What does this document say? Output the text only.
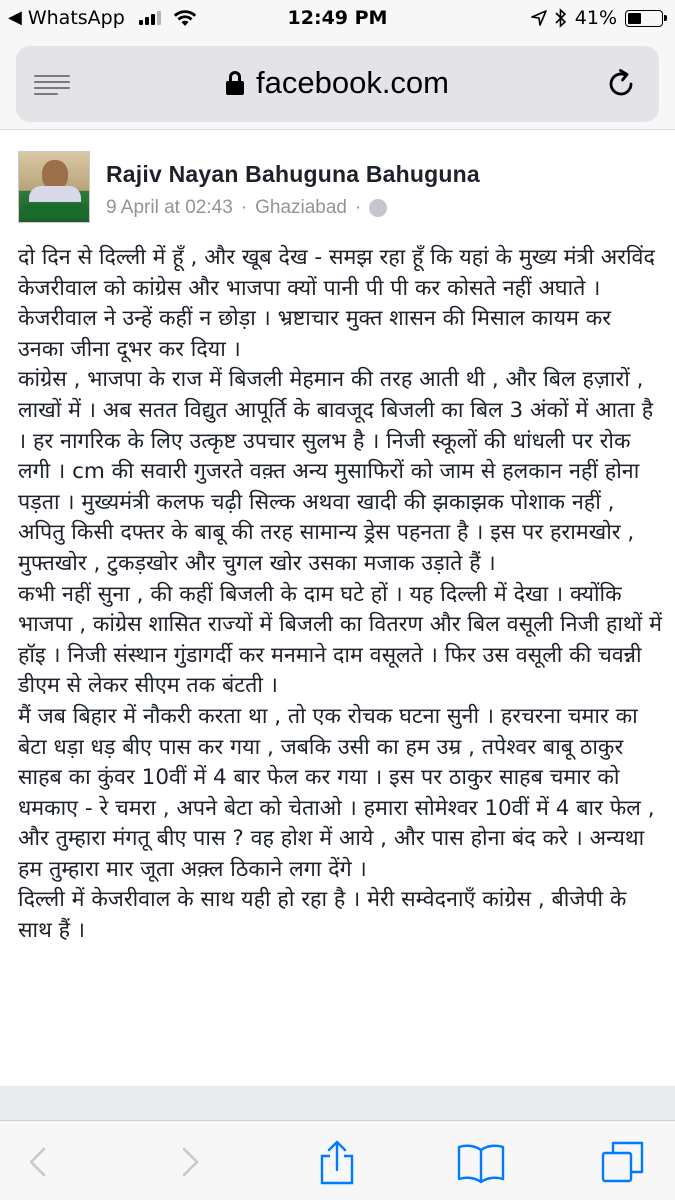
◀ WhatsApp	12:49 PM	41%
facebook.com
Rajiv Nayan Bahuguna Bahuguna
9 April at 02:43 · Ghaziabad ·

दो दिन से दिल्ली में हूँ , और खूब देख - समझ रहा हूँ कि यहां के मुख्य मंत्री अरविंद केजरीवाल को कांग्रेस और भाजपा क्यों पानी पी पी कर कोसते नहीं अघाते ।

केजरीवाल ने उन्हें कहीं न छोड़ा । भ्रष्टाचार मुक्त शासन की मिसाल कायम कर उनका जीना दूभर कर दिया ।

कांग्रेस , भाजपा के राज में बिजली मेहमान की तरह आती थी , और बिल हज़ारों , लाखों में । अब सतत विद्युत आपूर्ति के बावजूद बिजली का बिल 3 अंकों में आता है । हर नागरिक के लिए उत्कृष्ट उपचार सुलभ है । निजी स्कूलों की धांधली पर रोक लगी । cm की सवारी गुजरते वक़्त अन्य मुसाफिरों को जाम से हलकान नहीं होना पड़ता । मुख्यमंत्री कलफ चढ़ी सिल्क अथवा खादी की झकाझक पोशाक नहीं , अपितु किसी दफ्तर के बाबू की तरह सामान्य ड्रेस पहनता है । इस पर हरामखोर , मुफ्तखोर , टुकड़खोर और चुगल खोर उसका मजाक उड़ाते हैं ।

कभी नहीं सुना , की कहीं बिजली के दाम घटे हों । यह दिल्ली में देखा । क्योंकि भाजपा , कांग्रेस शासित राज्यों में बिजली का वितरण और बिल वसूली निजी हाथों में हॉइ । निजी संस्थान गुंडागर्दी कर मनमाने दाम वसूलते । फिर उस वसूली की चवन्नी डीएम से लेकर सीएम तक बंटती ।

मैं जब बिहार में नौकरी करता था , तो एक रोचक घटना सुनी । हरचरना चमार का बेटा धड़ा धड़ बीए पास कर गया , जबकि उसी का हम उम्र , तपेश्वर बाबू ठाकुर साहब का कुंवर 10वीं में 4 बार फेल कर गया । इस पर ठाकुर साहब चमार को धमकाए - रे चमरा , अपने बेटा को चेताओ । हमारा सोमेश्वर 10वीं में 4 बार फेल , और तुम्हारा मंगतू बीए पास ? वह होश में आये , और पास होना बंद करे । अन्यथा हम तुम्हारा मार जूता अक़्ल ठिकाने लगा देंगे ।

दिल्ली में केजरीवाल के साथ यही हो रहा है । मेरी सम्वेदनाएँ कांग्रेस , बीजेपी के साथ हैं ।
